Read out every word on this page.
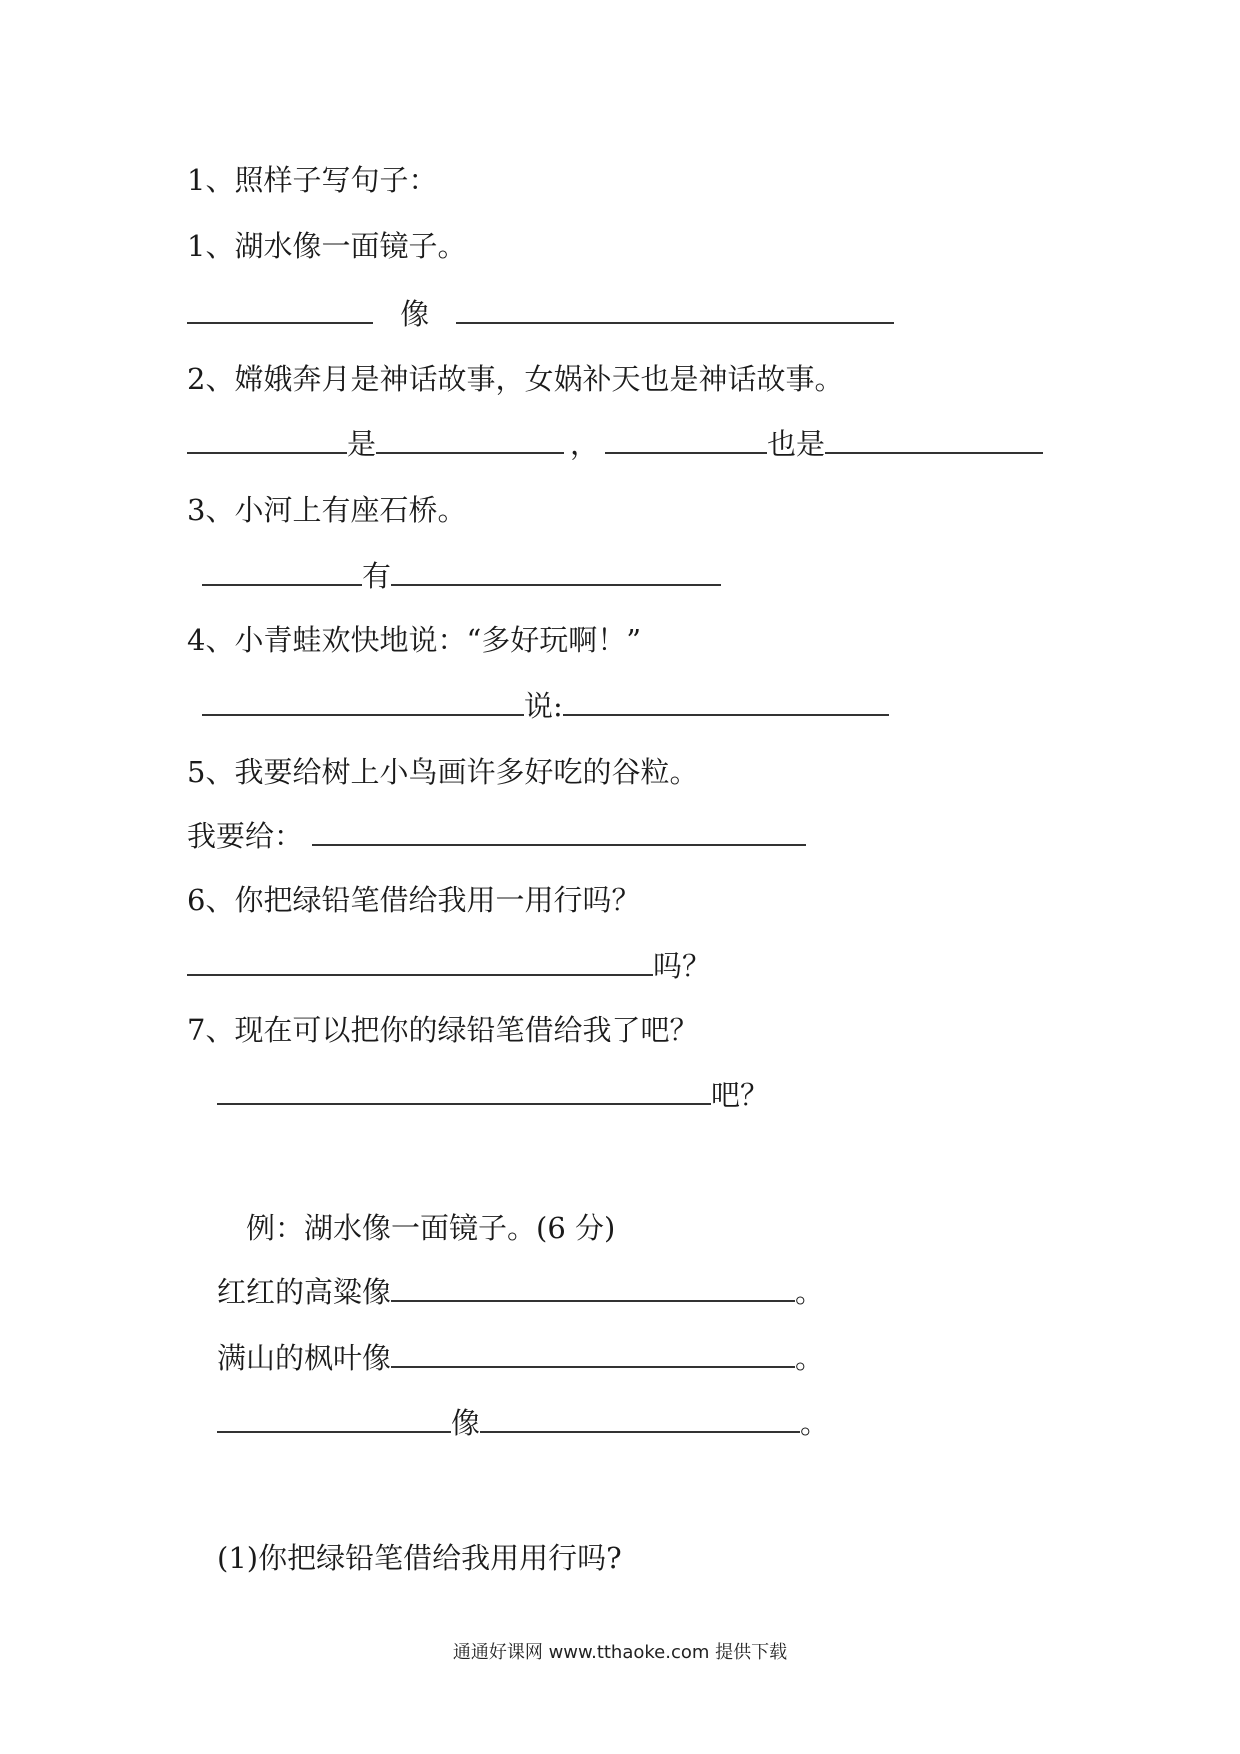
1、照样子写句子：
1、湖水像一面镜子。
像
2、嫦娥奔月是神话故事，女娲补天也是神话故事。
是	，	也是
3、小河上有座石桥。
有
4、小青蛙欢快地说：“多好玩啊！”
说:
5、我要给树上小鸟画许多好吃的谷粒。
我要给：
6、你把绿铅笔借给我用一用行吗？
吗？
7、现在可以把你的绿铅笔借给我了吧？
吧？
例：湖水像一面镜子。(6 分)
红红的高粱像	。
满山的枫叶像	。
像	。
(1)你把绿铅笔借给我用用行吗?
通通好课网 www.tthaoke.com 提供下载
